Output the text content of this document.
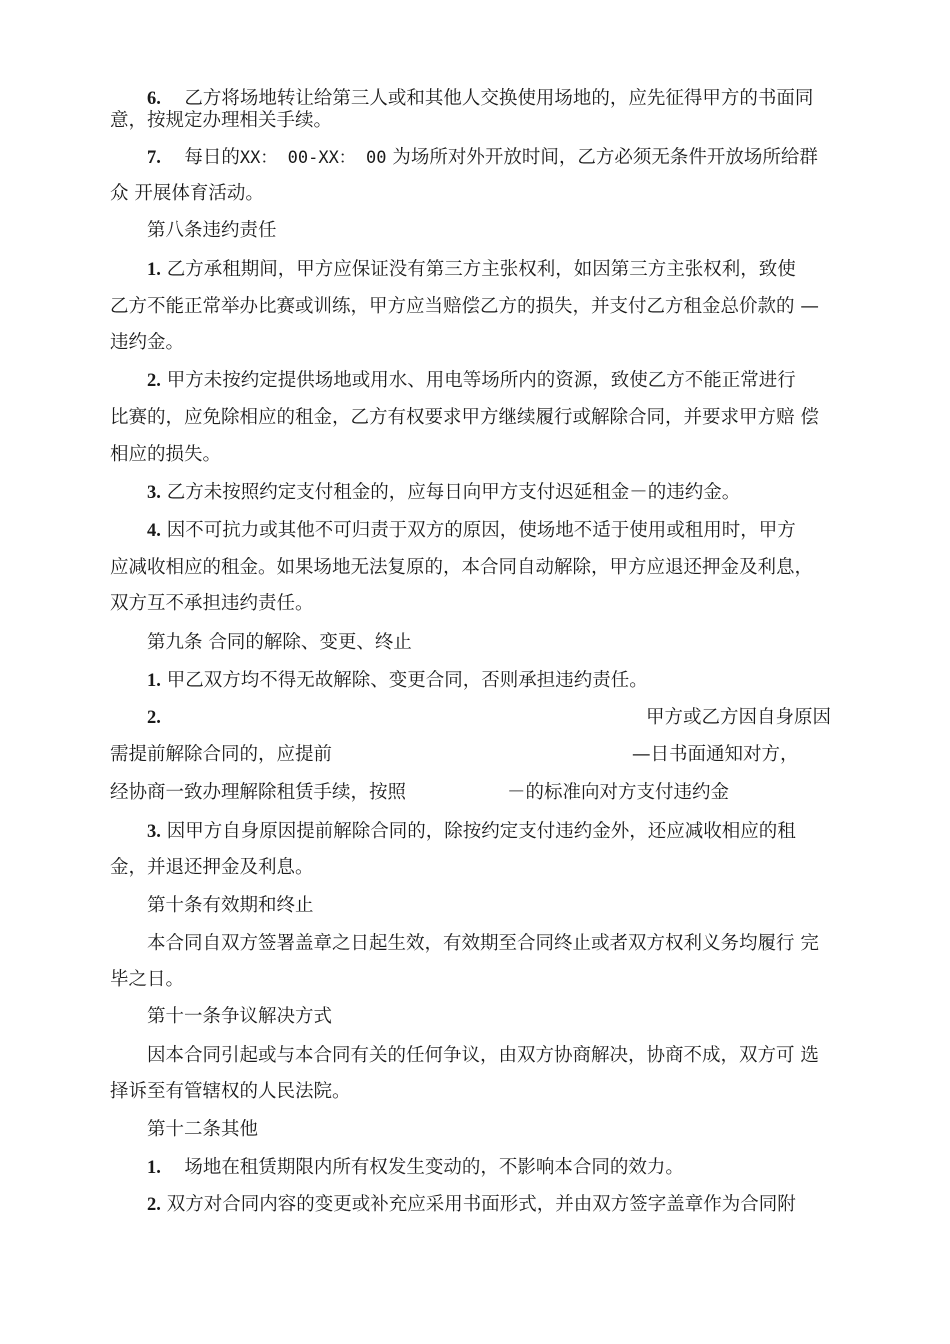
6. 乙方将场地转让给第三人或和其他人交换使用场地的，应先征得甲方的书面同
意，按规定办理相关手续。
7. 每日的XX： 00-XX： 00 为场所对外开放时间，乙方必须无条件开放场所给群
众 开展体育活动。
第八条违约责任
1. 乙方承租期间，甲方应保证没有第三方主张权利，如因第三方主张权利，致使
乙方不能正常举办比赛或训练，甲方应当赔偿乙方的损失，并支付乙方租金总价款的 —
违约金。
2. 甲方未按约定提供场地或用水、用电等场所内的资源，致使乙方不能正常进行
比赛的，应免除相应的租金，乙方有权要求甲方继续履行或解除合同，并要求甲方赔 偿
相应的损失。
3. 乙方未按照约定支付租金的，应每日向甲方支付迟延租金－的违约金。
4. 因不可抗力或其他不可归责于双方的原因，使场地不适于使用或租用时，甲方
应减收相应的租金。如果场地无法复原的，本合同自动解除，甲方应退还押金及利息，
双方互不承担违约责任。
第九条 合同的解除、变更、终止
1. 甲乙双方均不得无故解除、变更合同，否则承担违约责任。
2.	甲方或乙方因自身原因
需提前解除合同的，应提前	—日书面通知对方，
经协商一致办理解除租赁手续，按照	－的标准向对方支付违约金
3. 因甲方自身原因提前解除合同的，除按约定支付违约金外，还应减收相应的租
金，并退还押金及利息。
第十条有效期和终止
本合同自双方签署盖章之日起生效，有效期至合同终止或者双方权利义务均履行 完
毕之日。
第十一条争议解决方式
因本合同引起或与本合同有关的任何争议，由双方协商解决，协商不成，双方可 选
择诉至有管辖权的人民法院。
第十二条其他
1. 场地在租赁期限内所有权发生变动的，不影响本合同的效力。
2. 双方对合同内容的变更或补充应采用书面形式，并由双方签字盖章作为合同附
